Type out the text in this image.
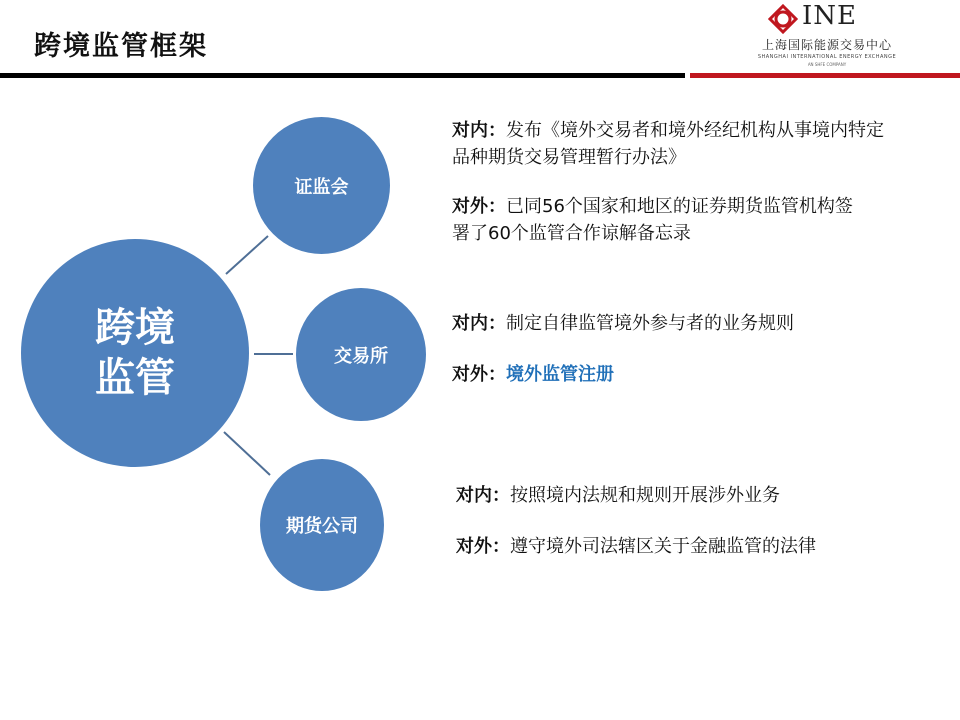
跨境监管框架
INE
上海国际能源交易中心
SHANGHAI INTERNATIONAL ENERGY EXCHANGE
AN SHFE COMPANY
跨境
监管
证监会
交易所
期货公司

对内：发布《境外交易者和境外经纪机构从事境内特定品种期货交易管理暂行办法》

对外：已同56个国家和地区的证券期货监管机构签署了60个监管合作谅解备忘录

对内：制定自律监管境外参与者的业务规则

对外：境外监管注册

对内：按照境内法规和规则开展涉外业务

对外：遵守境外司法辖区关于金融监管的法律
